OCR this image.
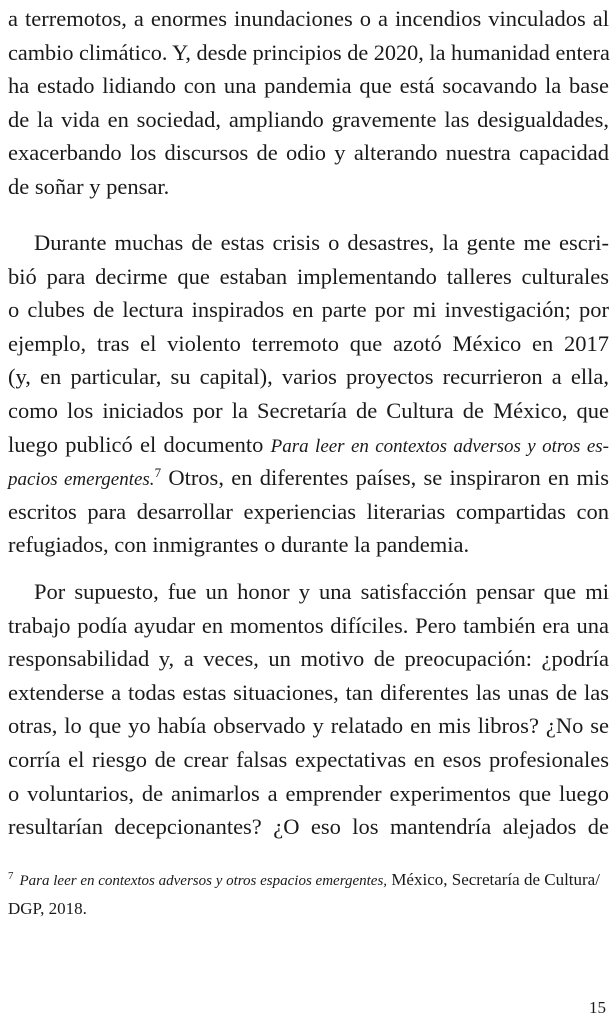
a terremotos, a enormes inundaciones o a incendios vinculados al
cambio climático. Y, desde principios de 2020, la humanidad entera
ha estado lidiando con una pandemia que está socavando la base
de la vida en sociedad, ampliando gravemente las desigualdades,
exacerbando los discursos de odio y alterando nuestra capacidad
de soñar y pensar.
Durante muchas de estas crisis o desastres, la gente me escri-
bió para decirme que estaban implementando talleres culturales
o clubes de lectura inspirados en parte por mi investigación; por
ejemplo, tras el violento terremoto que azotó México en 2017
(y, en particular, su capital), varios proyectos recurrieron a ella,
como los iniciados por la Secretaría de Cultura de México, que
luego publicó el documento Para leer en contextos adversos y otros es-
pacios emergentes.$^7$ Otros, en diferentes países, se inspiraron en mis
escritos para desarrollar experiencias literarias compartidas con
refugiados, con inmigrantes o durante la pandemia.
Por supuesto, fue un honor y una satisfacción pensar que mi
trabajo podía ayudar en momentos difíciles. Pero también era una
responsabilidad y, a veces, un motivo de preocupación: ¿podría
extenderse a todas estas situaciones, tan diferentes las unas de las
otras, lo que yo había observado y relatado en mis libros? ¿No se
corría el riesgo de crear falsas expectativas en esos profesionales
o voluntarios, de animarlos a emprender experimentos que luego
resultarían decepcionantes? ¿O eso los mantendría alejados de
$^7$ Para leer en contextos adversos y otros espacios emergentes, México, Secretaría de Cultura/
DGP, 2018.
15
